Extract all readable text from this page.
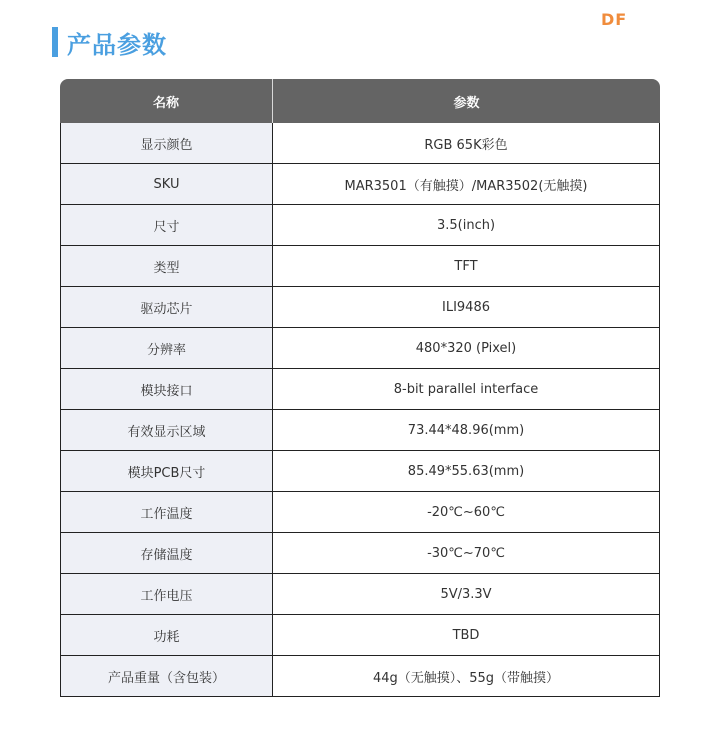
DF
产品参数
名称	参数
显示颜色	RGB 65K彩色
SKU	MAR3501（有触摸）/MAR3502(无触摸)
尺寸	3.5(inch)
类型	TFT
驱动芯片	ILI9486
分辨率	480*320 (Pixel)
模块接口	8-bit parallel interface
有效显示区域	73.44*48.96(mm)
模块PCB尺寸	85.49*55.63(mm)
工作温度	-20℃~60℃
存储温度	-30℃~70℃
工作电压	5V/3.3V
功耗	TBD
产品重量（含包装）	44g（无触摸）、55g（带触摸）
